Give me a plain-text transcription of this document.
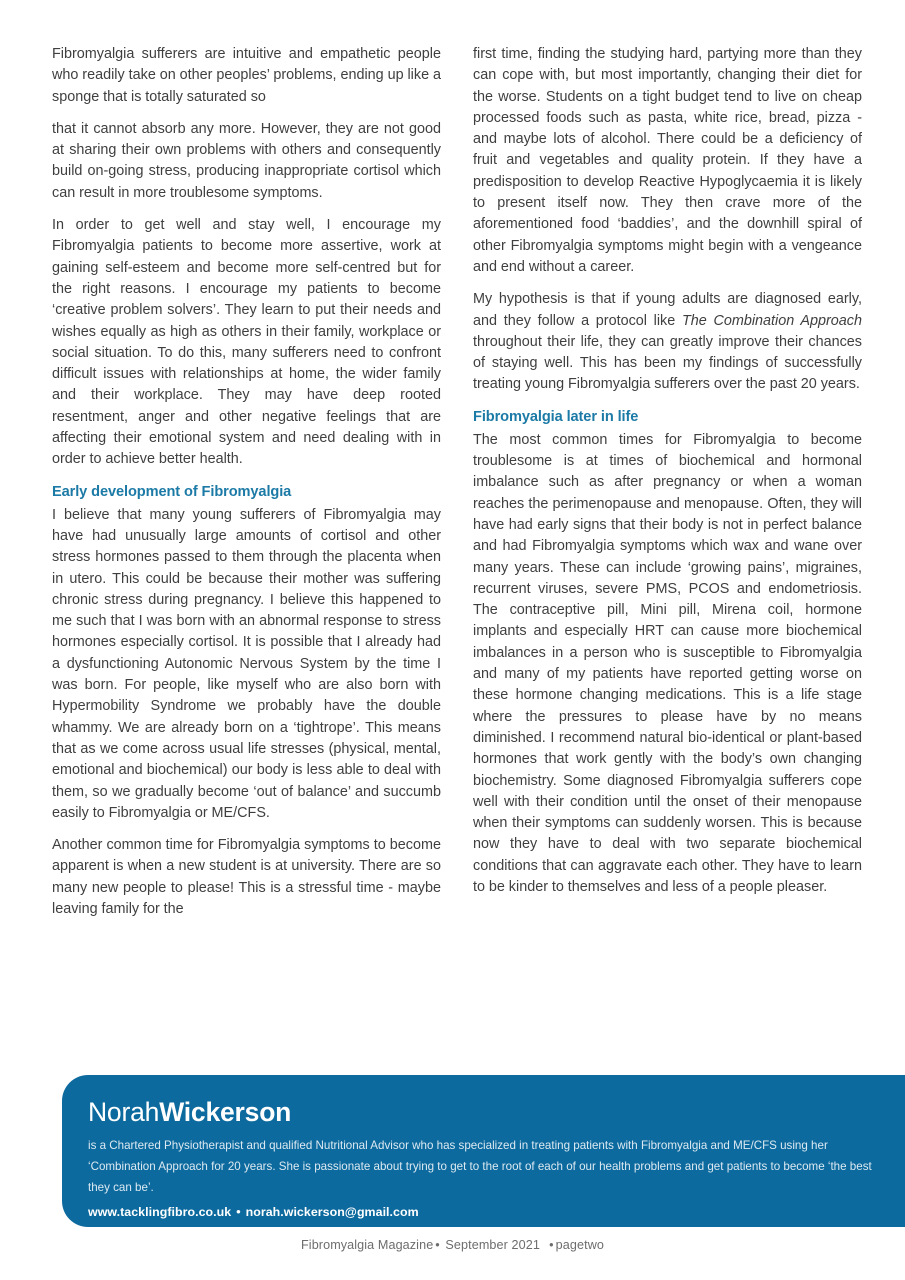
Fibromyalgia sufferers are intuitive and empathetic people who readily take on other peoples’ problems, ending up like a sponge that is totally saturated so

that it cannot absorb any more. However, they are not good at sharing their own problems with others and consequently build on-going stress, producing inappropriate cortisol which can result in more troublesome symptoms.

In order to get well and stay well, I encourage my Fibromyalgia patients to become more assertive, work at gaining self-esteem and become more self-centred but for the right reasons. I encourage my patients to become ‘creative problem solvers’. They learn to put their needs and wishes equally as high as others in their family, workplace or social situation. To do this, many sufferers need to confront difficult issues with relationships at home, the wider family and their workplace. They may have deep rooted resentment, anger and other negative feelings that are affecting their emotional system and need dealing with in order to achieve better health.

Early development of Fibromyalgia

I believe that many young sufferers of Fibromyalgia may have had unusually large amounts of cortisol and other stress hormones passed to them through the placenta when in utero. This could be because their mother was suffering chronic stress during pregnancy. I believe this happened to me such that I was born with an abnormal response to stress hormones especially cortisol. It is possible that I already had a dysfunctioning Autonomic Nervous System by the time I was born. For people, like myself who are also born with Hypermobility Syndrome we probably have the double whammy. We are already born on a ‘tightrope’. This means that as we come across usual life stresses (physical, mental, emotional and biochemical) our body is less able to deal with them, so we gradually become ‘out of balance’ and succumb easily to Fibromyalgia or ME/CFS.

Another common time for Fibromyalgia symptoms to become apparent is when a new student is at university. There are so many new people to please! This is a stressful time - maybe leaving family for the

first time, finding the studying hard, partying more than they can cope with, but most importantly, changing their diet for the worse. Students on a tight budget tend to live on cheap processed foods such as pasta, white rice, bread, pizza - and maybe lots of alcohol. There could be a deficiency of fruit and vegetables and quality protein. If they have a predisposition to develop Reactive Hypoglycaemia it is likely to present itself now. They then crave more of the aforementioned food ‘baddies’, and the downhill spiral of other Fibromyalgia symptoms might begin with a vengeance and end without a career.

My hypothesis is that if young adults are diagnosed early, and they follow a protocol like The Combination Approach throughout their life, they can greatly improve their chances of staying well. This has been my findings of successfully treating young Fibromyalgia sufferers over the past 20 years.

Fibromyalgia later in life

The most common times for Fibromyalgia to become troublesome is at times of biochemical and hormonal imbalance such as after pregnancy or when a woman reaches the perimenopause and menopause. Often, they will have had early signs that their body is not in perfect balance and had Fibromyalgia symptoms which wax and wane over many years. These can include ‘growing pains’, migraines, recurrent viruses, severe PMS, PCOS and endometriosis. The contraceptive pill, Mini pill, Mirena coil, hormone implants and especially HRT can cause more biochemical imbalances in a person who is susceptible to Fibromyalgia and many of my patients have reported getting worse on these hormone changing medications. This is a life stage where the pressures to please have by no means diminished. I recommend natural bio-identical or plant-based hormones that work gently with the body’s own changing biochemistry. Some diagnosed Fibromyalgia sufferers cope well with their condition until the onset of their menopause when their symptoms can suddenly worsen. This is because now they have to deal with two separate biochemical conditions that can aggravate each other. They have to learn to be kinder to themselves and less of a people pleaser.

NorahWickerson
is a Chartered Physiotherapist and qualified Nutritional Advisor who has specialized in treating patients with Fibromyalgia and ME/CFS using her ‘Combination Approach for 20 years. She is passionate about trying to get to the root of each of our health problems and get patients to become ‘the best they can be’.
www.tacklingfibro.co.uk • norah.wickerson@gmail.com
Fibromyalgia Magazine • September 2021 • pagetwo
